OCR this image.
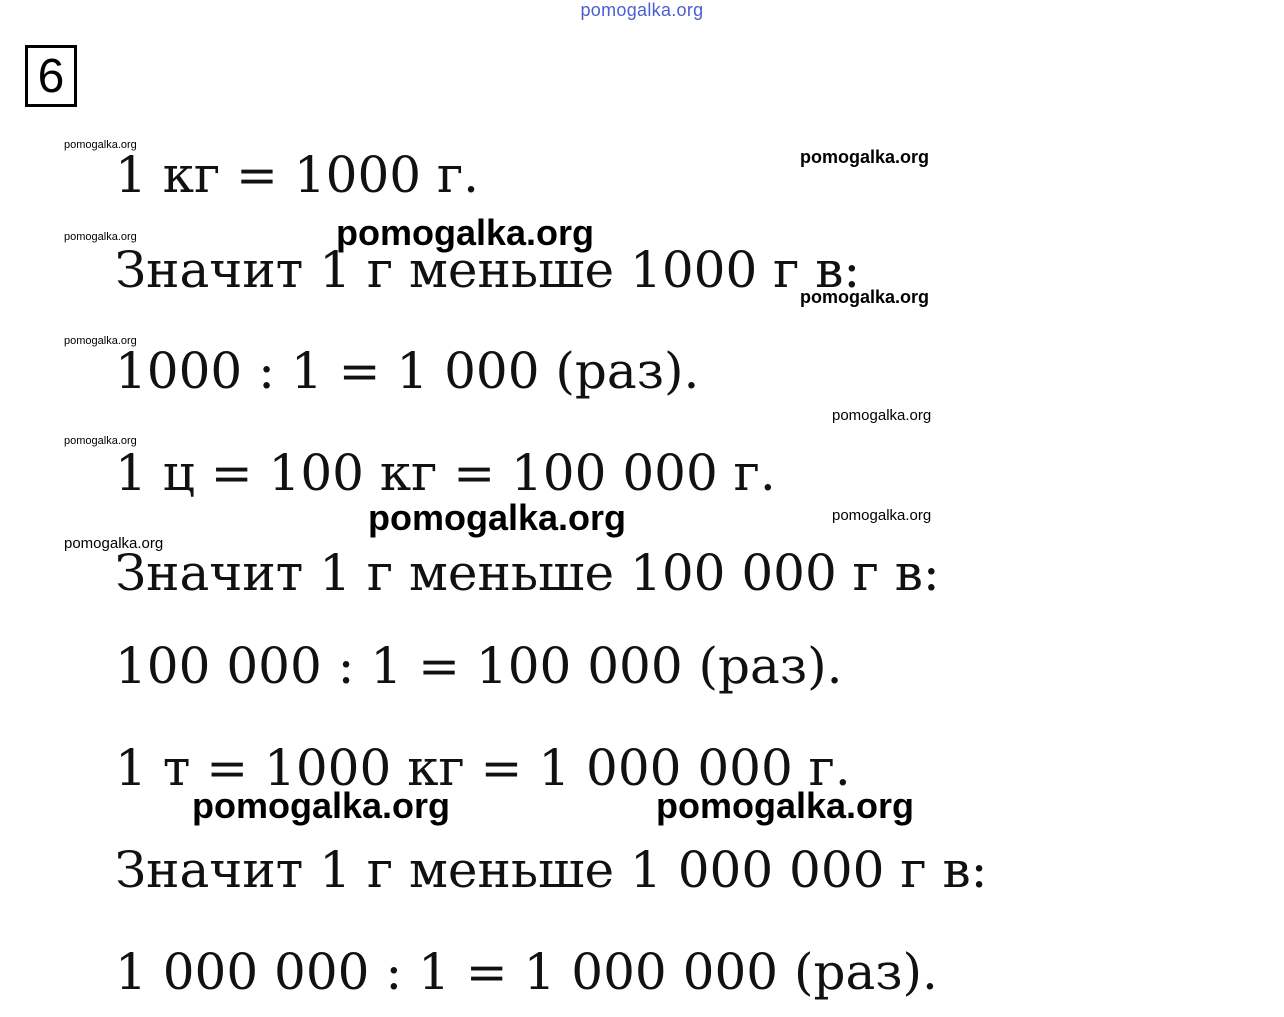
pomogalka.org
6
1 кг = 1000 г.
Значит 1 г меньше 1000 г в:
1000 : 1 = 1 000 (раз).
1 ц = 100 кг = 100 000 г.
Значит 1 г меньше 100 000 г в:
100 000 : 1 = 100 000 (раз).
1 т = 1000 кг = 1 000 000 г.
Значит 1 г меньше 1 000 000 г в:
1 000 000 : 1 = 1 000 000 (раз).
pomogalka.org
pomogalka.org
pomogalka.org	pomogalka.org
pomogalka.org
pomogalka.org
pomogalka.org
pomogalka.org
pomogalka.org	pomogalka.org
pomogalka.org
pomogalka.org	pomogalka.org
